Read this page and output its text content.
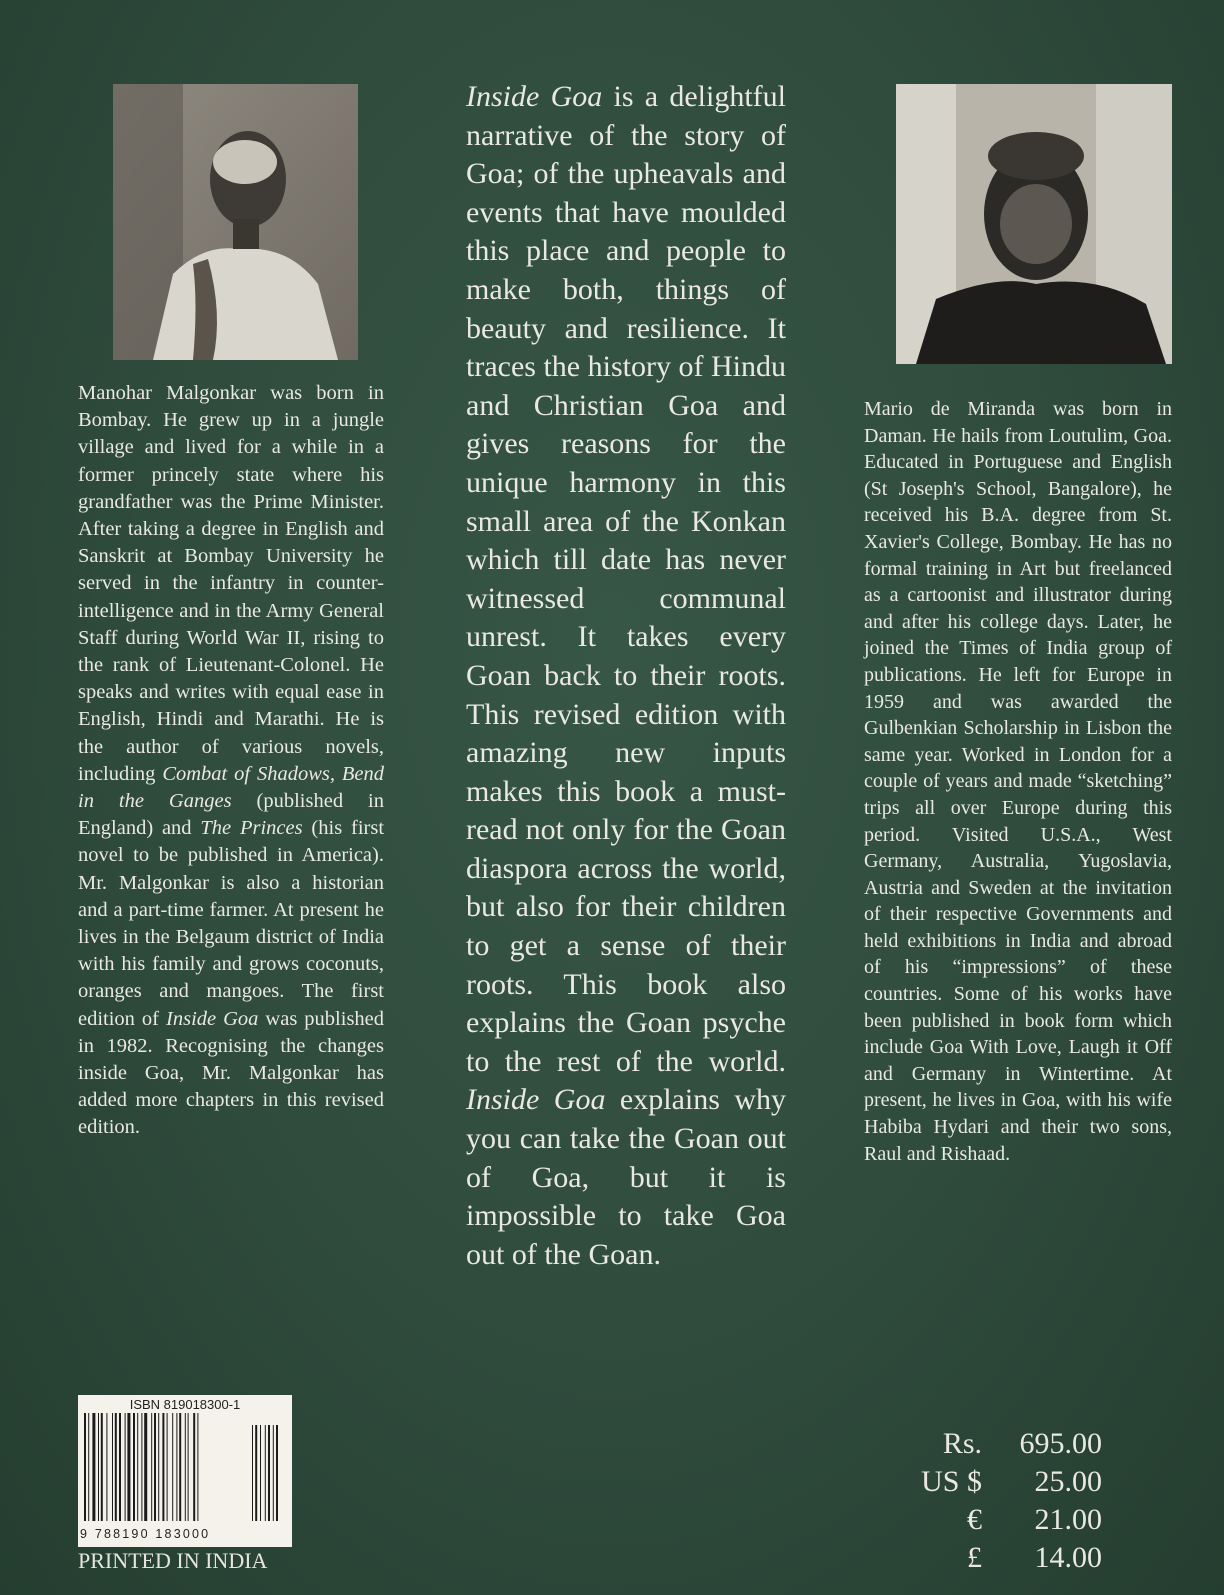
Manohar Malgonkar was born in Bombay. He grew up in a jungle village and lived for a while in a former princely state where his grandfather was the Prime Minister. After taking a degree in English and Sanskrit at Bombay University he served in the infantry in counter-intelligence and in the Army General Staff during World War II, rising to the rank of Lieutenant-Colonel. He speaks and writes with equal ease in English, Hindi and Marathi. He is the author of various novels, including Combat of Shadows, Bend in the Ganges (published in England) and The Princes (his first novel to be published in America). Mr. Malgonkar is also a historian and a part-time farmer. At present he lives in the Belgaum district of India with his family and grows coconuts, oranges and mangoes. The first edition of Inside Goa was published in 1982. Recognising the changes inside Goa, Mr. Malgonkar has added more chapters in this revised edition.
Inside Goa is a delightful narrative of the story of Goa; of the upheavals and events that have moulded this place and people to make both, things of beauty and resilience. It traces the history of Hindu and Christian Goa and gives reasons for the unique harmony in this small area of the Konkan which till date has never witnessed communal unrest. It takes every Goan back to their roots. This revised edition with amazing new inputs makes this book a must-read not only for the Goan diaspora across the world, but also for their children to get a sense of their roots. This book also explains the Goan psyche to the rest of the world. Inside Goa explains why you can take the Goan out of Goa, but it is impossible to take Goa out of the Goan.
Mario de Miranda was born in Daman. He hails from Loutulim, Goa. Educated in Portuguese and English (St Joseph's School, Bangalore), he received his B.A. degree from St. Xavier's College, Bombay. He has no formal training in Art but freelanced as a cartoonist and illustrator during and after his college days. Later, he joined the Times of India group of publications. He left for Europe in 1959 and was awarded the Gulbenkian Scholarship in Lisbon the same year. Worked in London for a couple of years and made “sketching” trips all over Europe during this period. Visited U.S.A., West Germany, Australia, Yugoslavia, Austria and Sweden at the invitation of their respective Governments and held exhibitions in India and abroad of his “impressions” of these countries. Some of his works have been published in book form which include Goa With Love, Laugh it Off and Germany in Wintertime. At present, he lives in Goa, with his wife Habiba Hydari and their two sons, Raul and Rishaad.
ISBN 819018300-1
9 788190 183000
PRINTED IN INDIA
Rs.	695.00
US $	25.00
€	21.00
£	14.00
